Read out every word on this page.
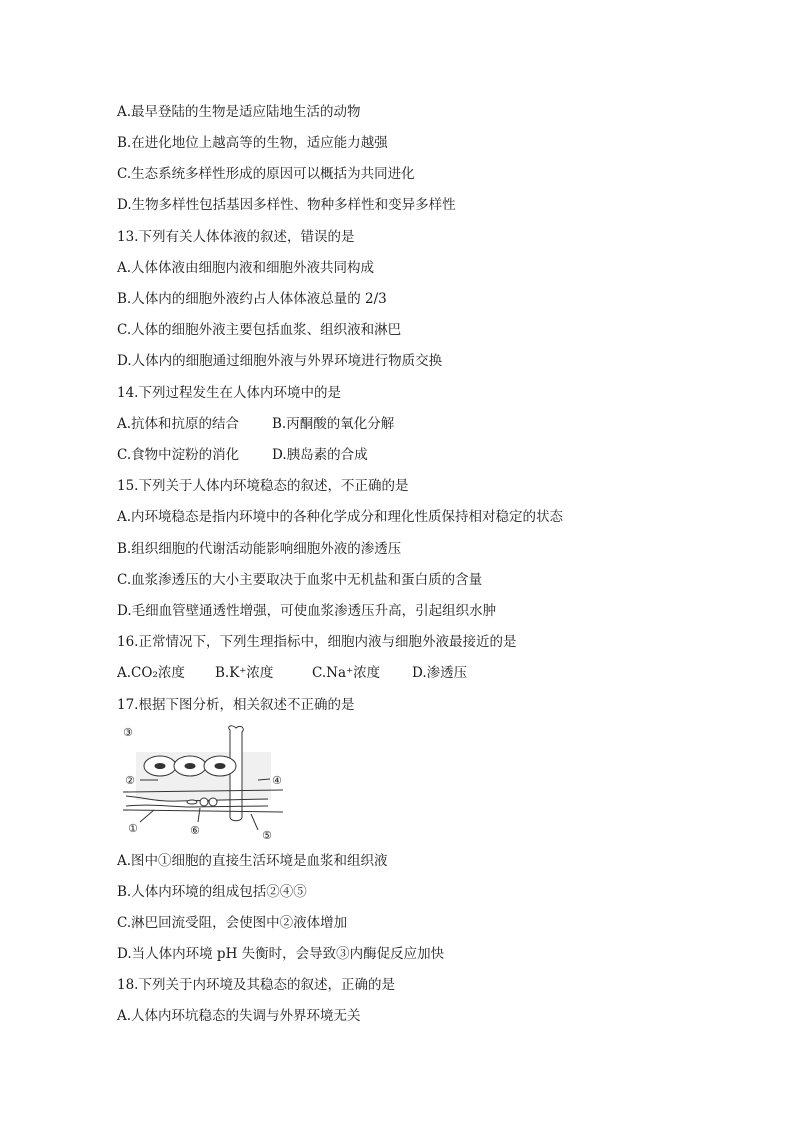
A.最早登陆的生物是适应陆地生活的动物
B.在进化地位上越高等的生物，适应能力越强
C.生态系统多样性形成的原因可以概括为共同进化
D.生物多样性包括基因多样性、物种多样性和变异多样性
13.下列有关人体体液的叙述，错误的是
A.人体体液由细胞内液和细胞外液共同构成
B.人体内的细胞外液约占人体体液总量的 2/3
C.人体的细胞外液主要包括血浆、组织液和淋巴
D.人体内的细胞通过细胞外液与外界环境进行物质交换
14.下列过程发生在人体内环境中的是
A.抗体和抗原的结合 B.丙酮酸的氧化分解
C.食物中淀粉的消化 D.胰岛素的合成
15.下列关于人体内环境稳态的叙述，不正确的是
A.内环境稳态是指内环境中的各种化学成分和理化性质保持相对稳定的状态
B.组织细胞的代谢活动能影响细胞外液的渗透压
C.血浆渗透压的大小主要取决于血浆中无机盐和蛋白质的含量
D.毛细血管壁通透性增强，可使血浆渗透压升高，引起组织水肿
16.正常情况下，下列生理指标中，细胞内液与细胞外液最接近的是
A.CO₂浓度 B.K⁺浓度	C.Na⁺浓度 D.渗透压
17.根据下图分析，相关叙述不正确的是
③
②	④
①	⑥	⑤
A.图中①细胞的直接生活环境是血浆和组织液
B.人体内环境的组成包括②④⑤
C.淋巴回流受阻，会使图中②液体增加
D.当人体内环境 pH 失衡时，会导致③内酶促反应加快
18.下列关于内环境及其稳态的叙述，正确的是
A.人体内环坑稳态的失调与外界环境无关
